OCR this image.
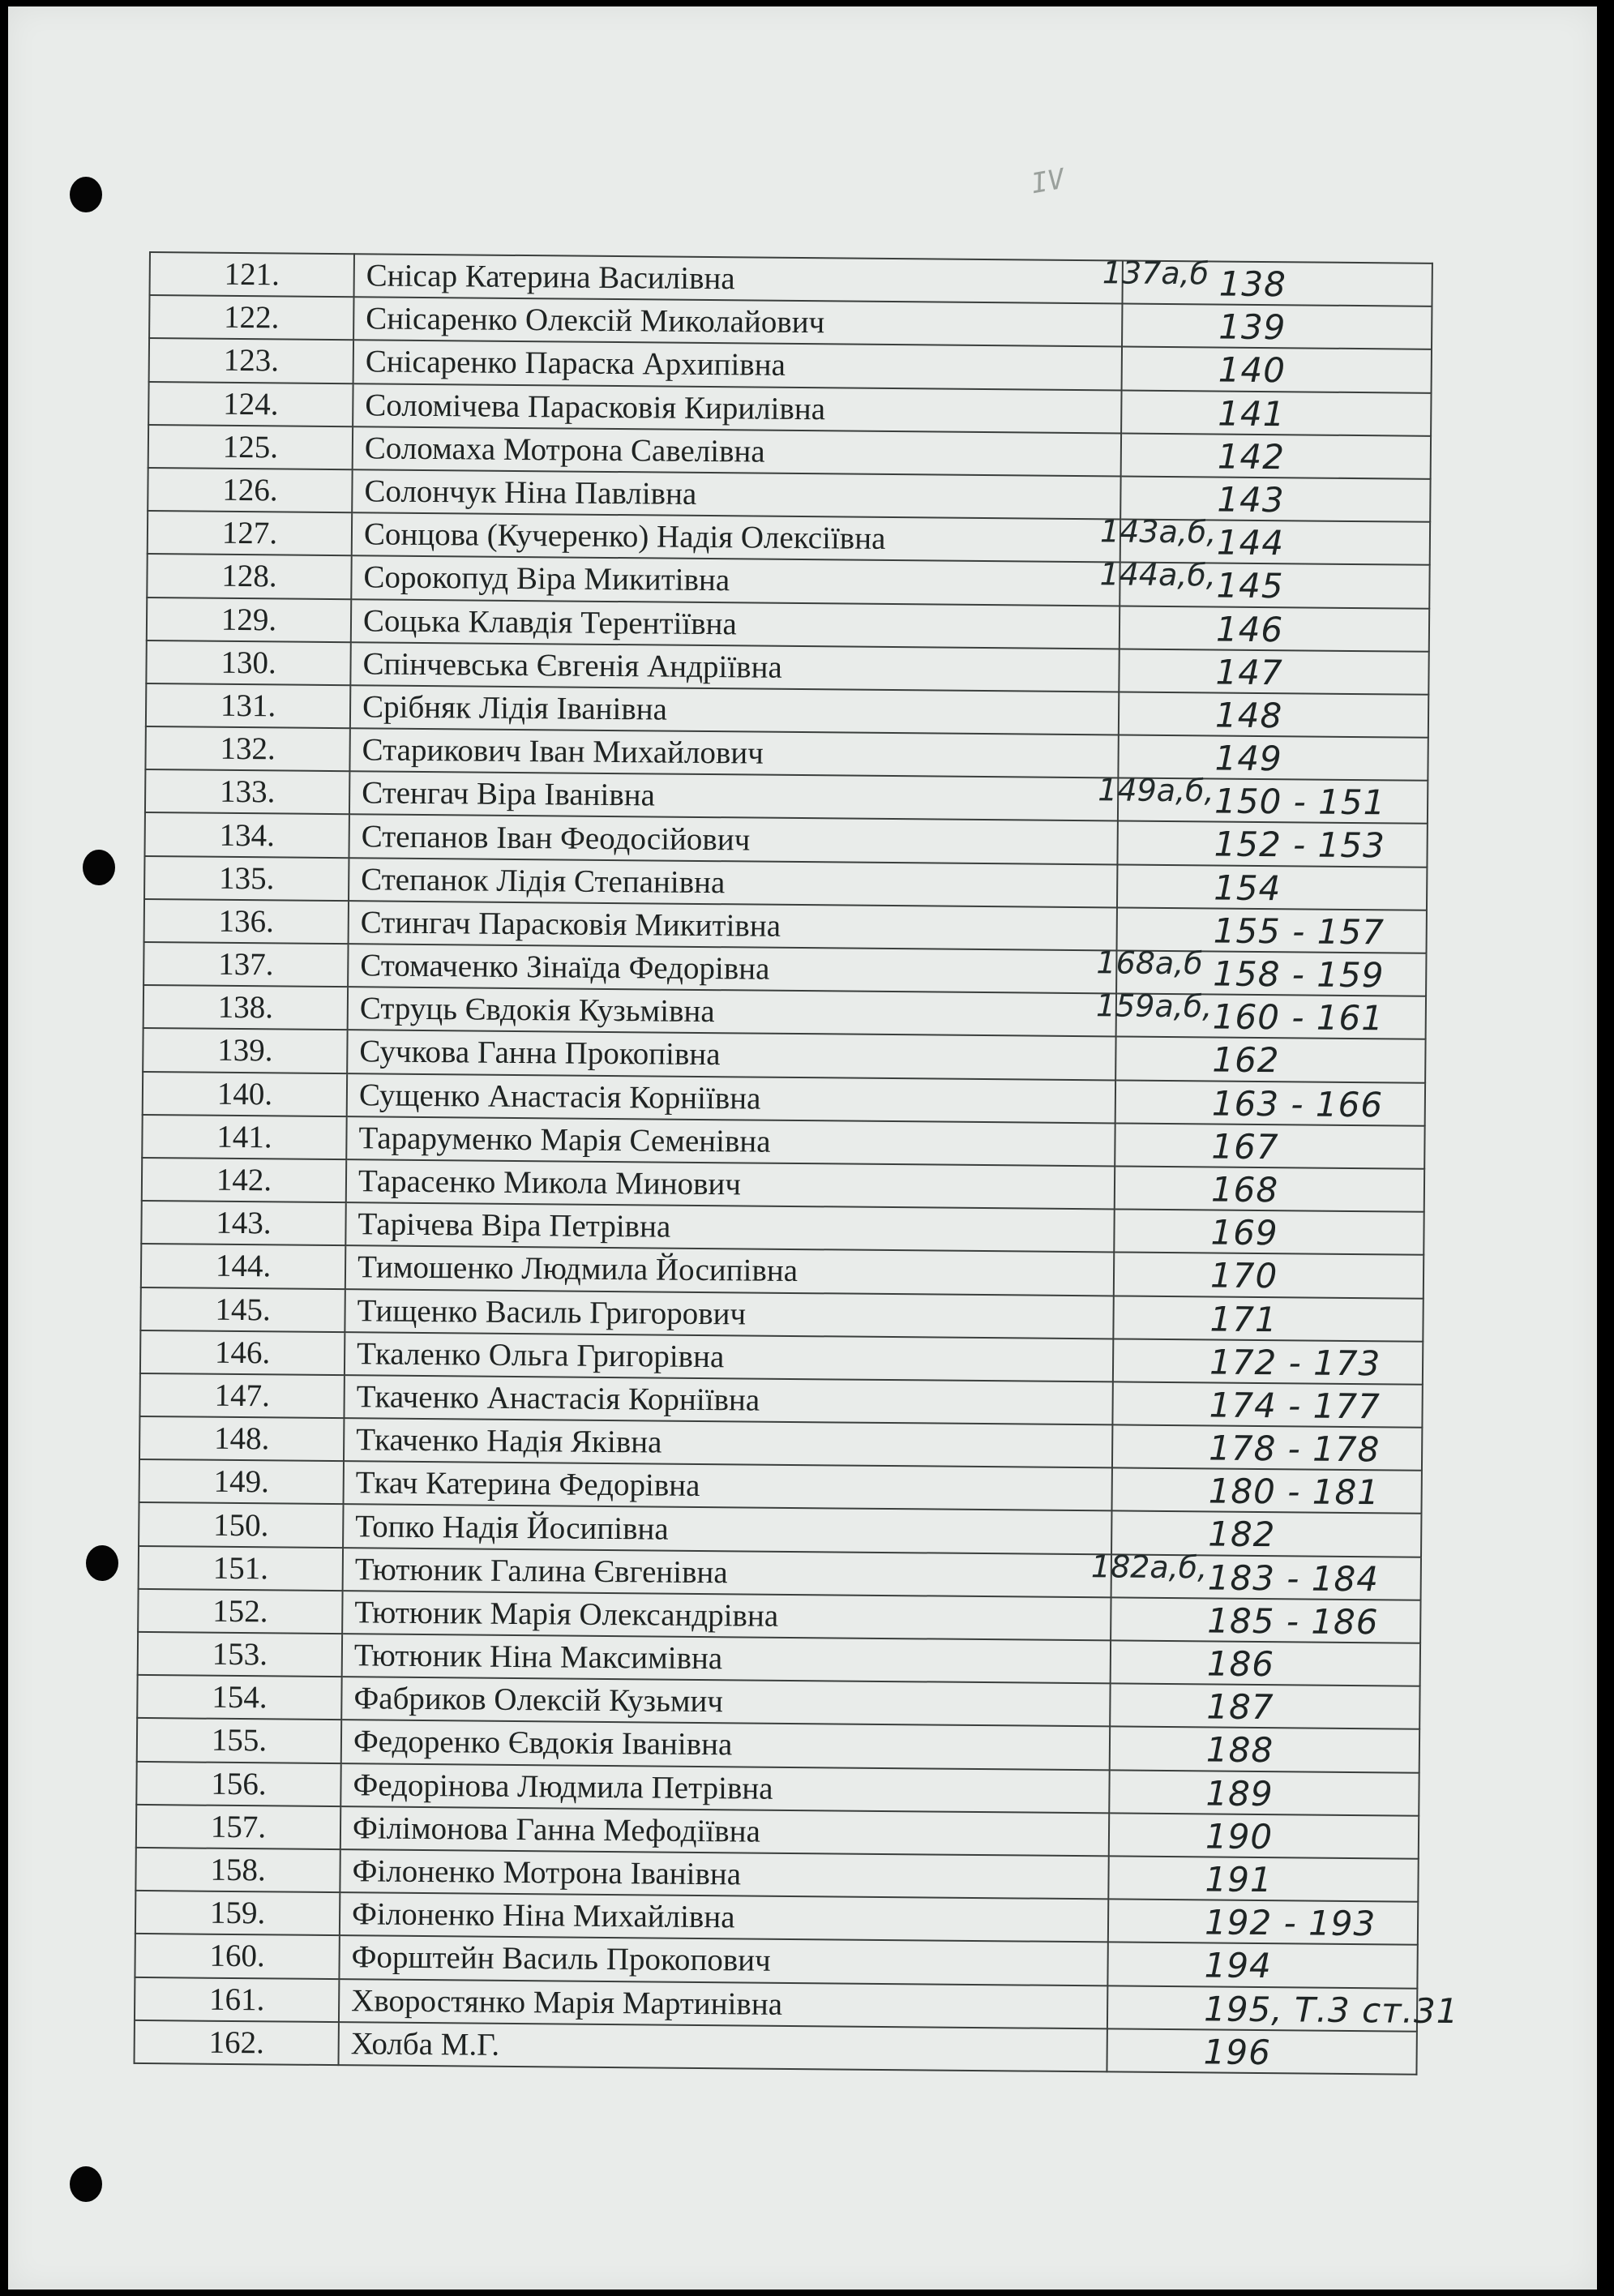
IV
121.	Снісар Катерина Василівна	137а,б 138

122.	Снісаренко Олексій Миколайович	139

123.	Снісаренко Параска Архипівна	140

124.	Соломічева Парасковія Кирилівна	141

125.	Соломаха Мотрона Савелівна	142

126.	Солончук Ніна Павлівна	143

127.	Сонцова (Кучеренко) Надія Олексіївна	143а,б, 144

128.	Сорокопуд Віра Микитівна	144а,б, 145

129.	Соцька Клавдія Терентіївна	146

130.	Спінчевська Євгенія Андріївна	147

131.	Срібняк Лідія Іванівна	148

132.	Старикович Іван Михайлович	149

133.	Стенгач Віра Іванівна	149а,б, 150 - 151

134.	Степанов Іван Феодосійович	152 - 153

135.	Степанок Лідія Степанівна	154

136.	Стингач Парасковія Микитівна	155 - 157

137.	Стомаченко Зінаїда Федорівна	168а,б 158 - 159

138.	Струць Євдокія Кузьмівна	159а,б, 160 - 161

139.	Сучкова Ганна Прокопівна	162

140.	Сущенко Анастасія Корніївна	163 - 166

141.	Тараруменко Марія Семенівна	167

142.	Тарасенко Микола Минович	168

143.	Тарічева Віра Петрівна	169

144.	Тимошенко Людмила Йосипівна	170

145.	Тищенко Василь Григорович	171

146.	Ткаленко Ольга Григорівна	172 - 173

147.	Ткаченко Анастасія Корніївна	174 - 177

148.	Ткаченко Надія Яківна	178 - 178

149.	Ткач Катерина Федорівна	180 - 181

150.	Топко Надія Йосипівна	182

151.	Тютюник Галина Євгенівна	182а,б, 183 - 184

152.	Тютюник Марія Олександрівна	185 - 186

153.	Тютюник Ніна Максимівна	186

154.	Фабриков Олексій Кузьмич	187

155.	Федоренко Євдокія Іванівна	188

156.	Федорінова Людмила Петрівна	189

157.	Філімонова Ганна Мефодіївна	190

158.	Філоненко Мотрона Іванівна	191

159.	Філоненко Ніна Михайлівна	192 - 193

160.	Форштейн Василь Прокопович	194

161.	Хворостянко Марія Мартинівна	195, Т.3 ст.31

162.	Холба М.Г.	196
